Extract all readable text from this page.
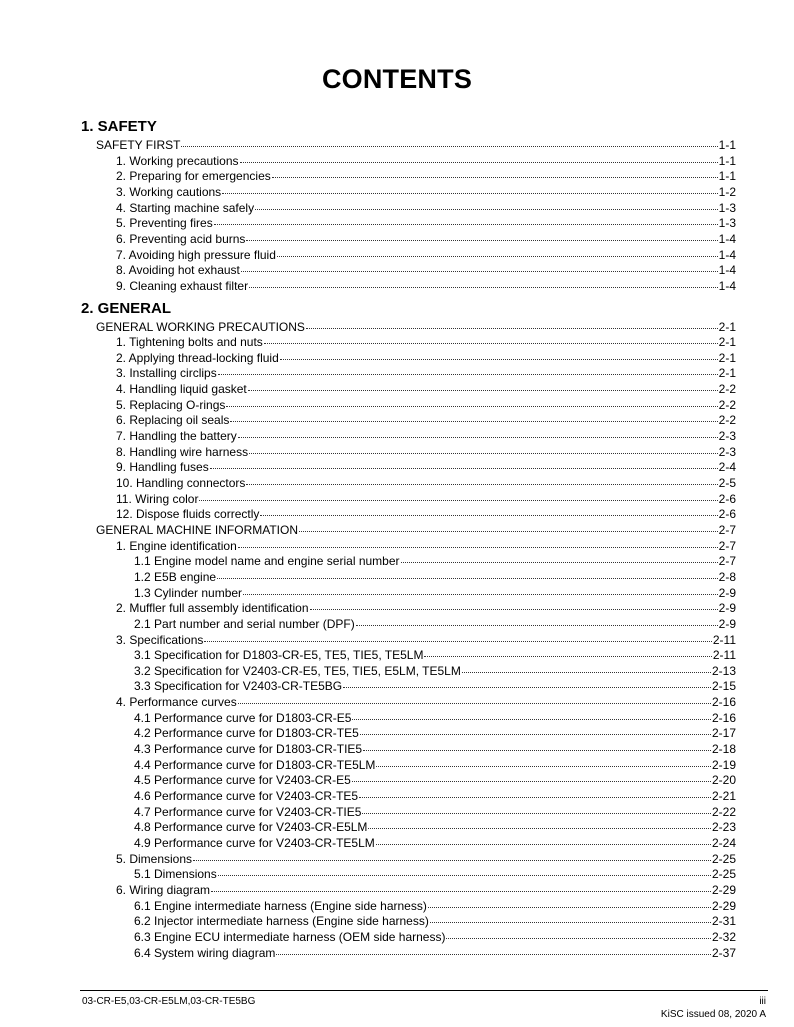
CONTENTS
1. SAFETY
SAFETY FIRST	1-1
1. Working precautions	1-1
2. Preparing for emergencies	1-1
3. Working cautions	1-2
4. Starting machine safely	1-3
5. Preventing fires	1-3
6. Preventing acid burns	1-4
7. Avoiding high pressure fluid	1-4
8. Avoiding hot exhaust	1-4
9. Cleaning exhaust filter	1-4
2. GENERAL
GENERAL WORKING PRECAUTIONS	2-1
1. Tightening bolts and nuts	2-1
2. Applying thread-locking fluid	2-1
3. Installing circlips	2-1
4. Handling liquid gasket	2-2
5. Replacing O-rings	2-2
6. Replacing oil seals	2-2
7. Handling the battery	2-3
8. Handling wire harness	2-3
9. Handling fuses	2-4
10. Handling connectors	2-5
11. Wiring color	2-6
12. Dispose fluids correctly	2-6
GENERAL MACHINE INFORMATION	2-7
1. Engine identification	2-7
1.1 Engine model name and engine serial number	2-7
1.2 E5B engine	2-8
1.3 Cylinder number	2-9
2. Muffler full assembly identification	2-9
2.1 Part number and serial number (DPF)	2-9
3. Specifications	2-11
3.1 Specification for D1803-CR-E5, TE5, TIE5, TE5LM	2-11
3.2 Specification for V2403-CR-E5, TE5, TIE5, E5LM, TE5LM	2-13
3.3 Specification for V2403-CR-TE5BG	2-15
4. Performance curves	2-16
4.1 Performance curve for D1803-CR-E5	2-16
4.2 Performance curve for D1803-CR-TE5	2-17
4.3 Performance curve for D1803-CR-TIE5	2-18
4.4 Performance curve for D1803-CR-TE5LM	2-19
4.5 Performance curve for V2403-CR-E5	2-20
4.6 Performance curve for V2403-CR-TE5	2-21
4.7 Performance curve for V2403-CR-TIE5	2-22
4.8 Performance curve for V2403-CR-E5LM	2-23
4.9 Performance curve for V2403-CR-TE5LM	2-24
5. Dimensions	2-25
5.1 Dimensions	2-25
6. Wiring diagram	2-29
6.1 Engine intermediate harness (Engine side harness)	2-29
6.2 Injector intermediate harness (Engine side harness)	2-31
6.3 Engine ECU intermediate harness (OEM side harness)	2-32
6.4 System wiring diagram	2-37
03-CR-E5,03-CR-E5LM,03-CR-TE5BG	iii
KiSC issued 08, 2020 A
